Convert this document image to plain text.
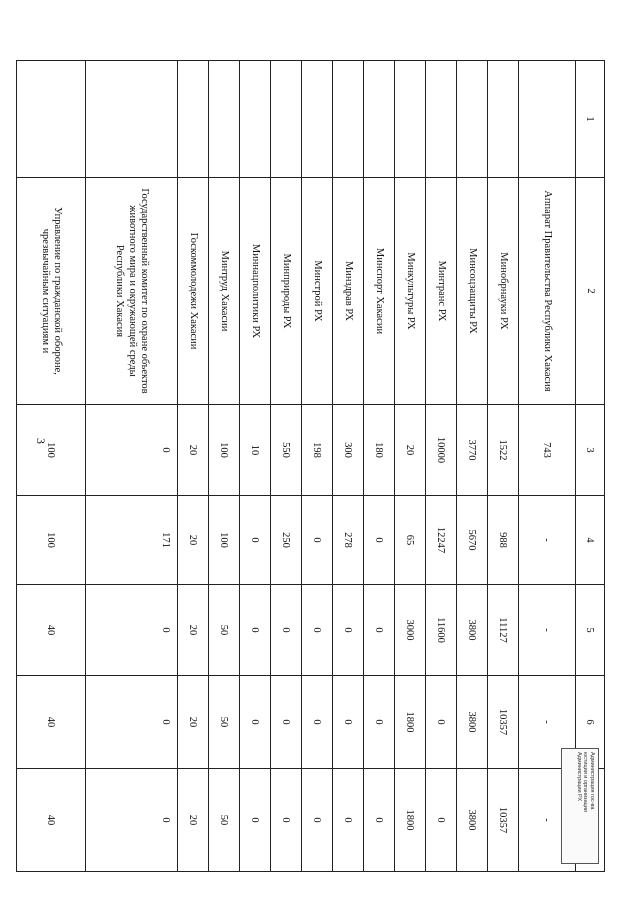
3
1	2	3	4	5	6	
	Аппарат Правительства Республики Хакасия	743	-	-	-	-
	Минобрнауки РХ	1522	988	11127	10357	10357
	Минсоцзащиты РХ	3770	5670	3800	3800	3800
	Минтранс РХ	10000	12247	11600	0	0
	Минкультуры РХ	20	65	3000	1800	1800
	Минспорт Хакасии	180	0	0	0	0
	Минздрав РХ	300	278	0	0	0
	Минстрой РХ	198	0	0	0	0
	Минприроды РХ	550	250	0	0	0
	Миннацполитики РХ	10	0	0	0	0
	Минтруд Хакасии	100	100	50	50	50
	Госкоммолодежи Хакасии	20	20	20	20	20
	Государственный комитет по охране объектов животного мира и окружающей среды Республики Хакасия	0	171	0	0	0
	Управление по гражданской обороне, чрезвычайным ситуациям и	100	100	40	40	40
Администрация гос-ва
юстиции и организации
Администрации РХ
